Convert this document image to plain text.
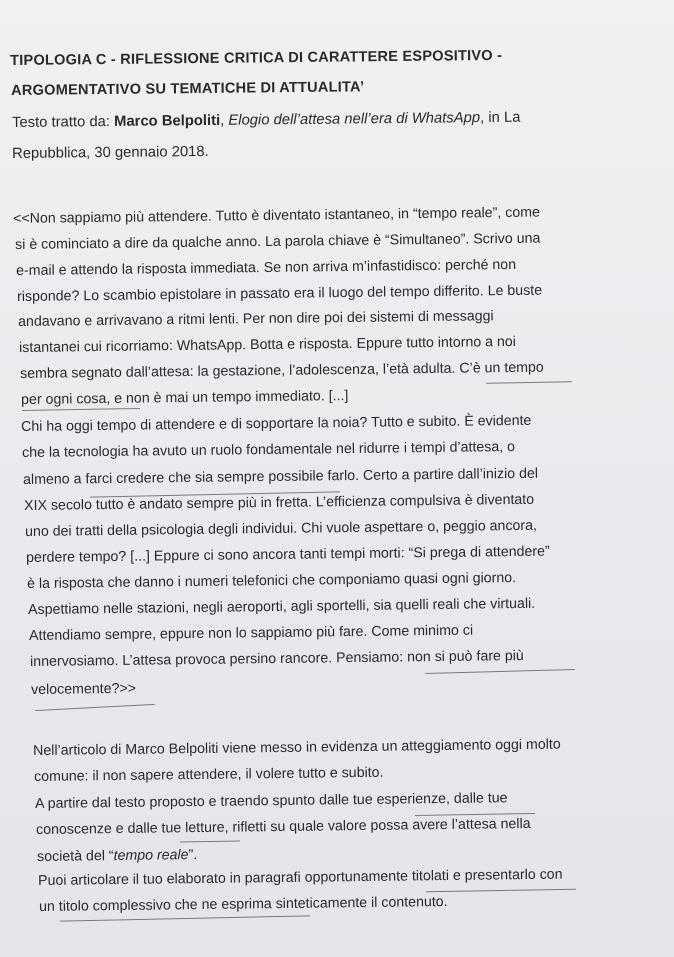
TIPOLOGIA C - RIFLESSIONE CRITICA DI CARATTERE ESPOSITIVO -
ARGOMENTATIVO SU TEMATICHE DI ATTUALITA’
Testo tratto da: Marco Belpoliti, Elogio dell’attesa nell’era di WhatsApp, in La
Repubblica, 30 gennaio 2018.
<<Non sappiamo più attendere. Tutto è diventato istantaneo, in “tempo reale”, come
si è cominciato a dire da qualche anno. La parola chiave è “Simultaneo”. Scrivo una
e-mail e attendo la risposta immediata. Se non arriva m’infastidisco: perché non
risponde? Lo scambio epistolare in passato era il luogo del tempo differito. Le buste
andavano e arrivavano a ritmi lenti. Per non dire poi dei sistemi di messaggi
istantanei cui ricorriamo: WhatsApp. Botta e risposta. Eppure tutto intorno a noi
sembra segnato dall’attesa: la gestazione, l’adolescenza, l’età adulta. C’è un tempo
per ogni cosa, e non è mai un tempo immediato. [...]
Chi ha oggi tempo di attendere e di sopportare la noia? Tutto e subito. È evidente
che la tecnologia ha avuto un ruolo fondamentale nel ridurre i tempi d’attesa, o
almeno a farci credere che sia sempre possibile farlo. Certo a partire dall’inizio del
XIX secolo tutto è andato sempre più in fretta. L’efficienza compulsiva è diventato
uno dei tratti della psicologia degli individui. Chi vuole aspettare o, peggio ancora,
perdere tempo? [...] Eppure ci sono ancora tanti tempi morti: “Si prega di attendere”
è la risposta che danno i numeri telefonici che componiamo quasi ogni giorno.
Aspettiamo nelle stazioni, negli aeroporti, agli sportelli, sia quelli reali che virtuali.
Attendiamo sempre, eppure non lo sappiamo più fare. Come minimo ci
innervosiamo. L’attesa provoca persino rancore. Pensiamo: non si può fare più
velocemente?>>
Nell’articolo di Marco Belpoliti viene messo in evidenza un atteggiamento oggi molto
comune: il non sapere attendere, il volere tutto e subito.
A partire dal testo proposto e traendo spunto dalle tue esperienze, dalle tue
conoscenze e dalle tue letture, rifletti su quale valore possa avere l’attesa nella
società del “tempo reale”.
Puoi articolare il tuo elaborato in paragrafi opportunamente titolati e presentarlo con
un titolo complessivo che ne esprima sinteticamente il contenuto.
